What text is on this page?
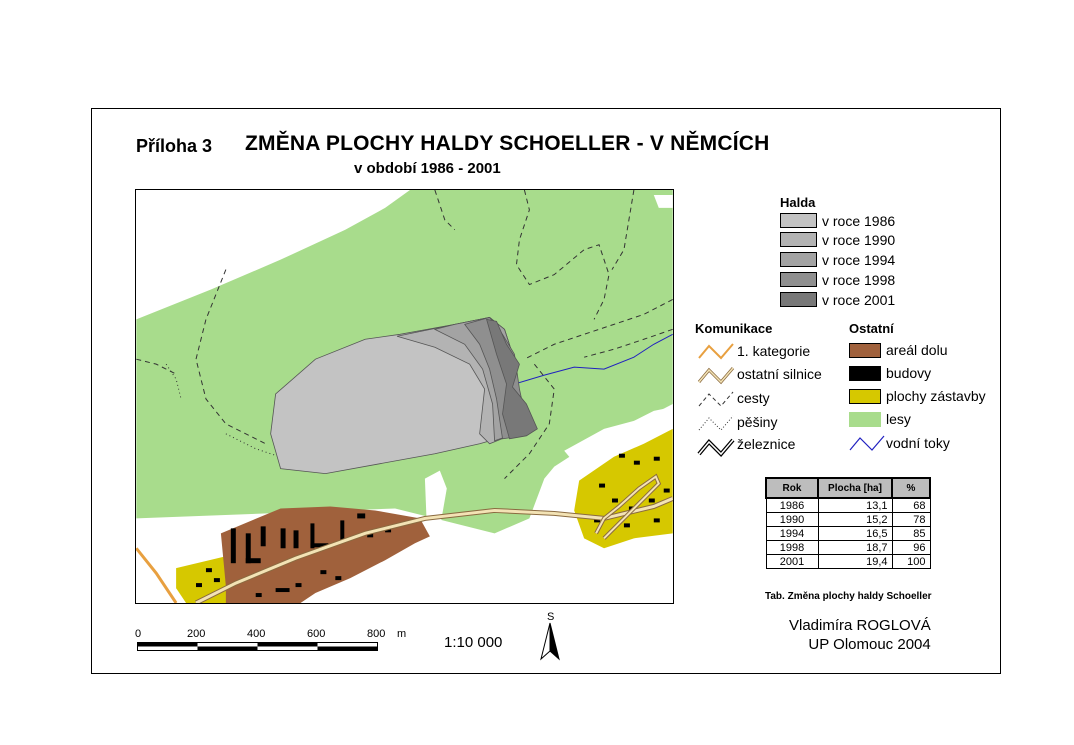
Příloha 3 ZMĚNA PLOCHY HALDY SCHOELLER - V NĚMCÍCH
v období 1986 - 2001
Halda
v roce 1986
v roce 1990
v roce 1994
v roce 1998
v roce 2001
Komunikace
1. kategorie
ostatní silnice
cesty
pěšiny
železnice
Ostatní
areál dolu
budovy
plochy zástavby
lesy
vodní toky
Rok	Plocha [ha]	%
1986	13,1	68
1990	15,2	78
1994	16,5	85
1998	18,7	96
2001	19,4	100
Tab. Změna plochy haldy Schoeller
0	200	400	600	800 m	1:10 000
S	Vladimíra ROGLOVÁ
UP Olomouc 2004
